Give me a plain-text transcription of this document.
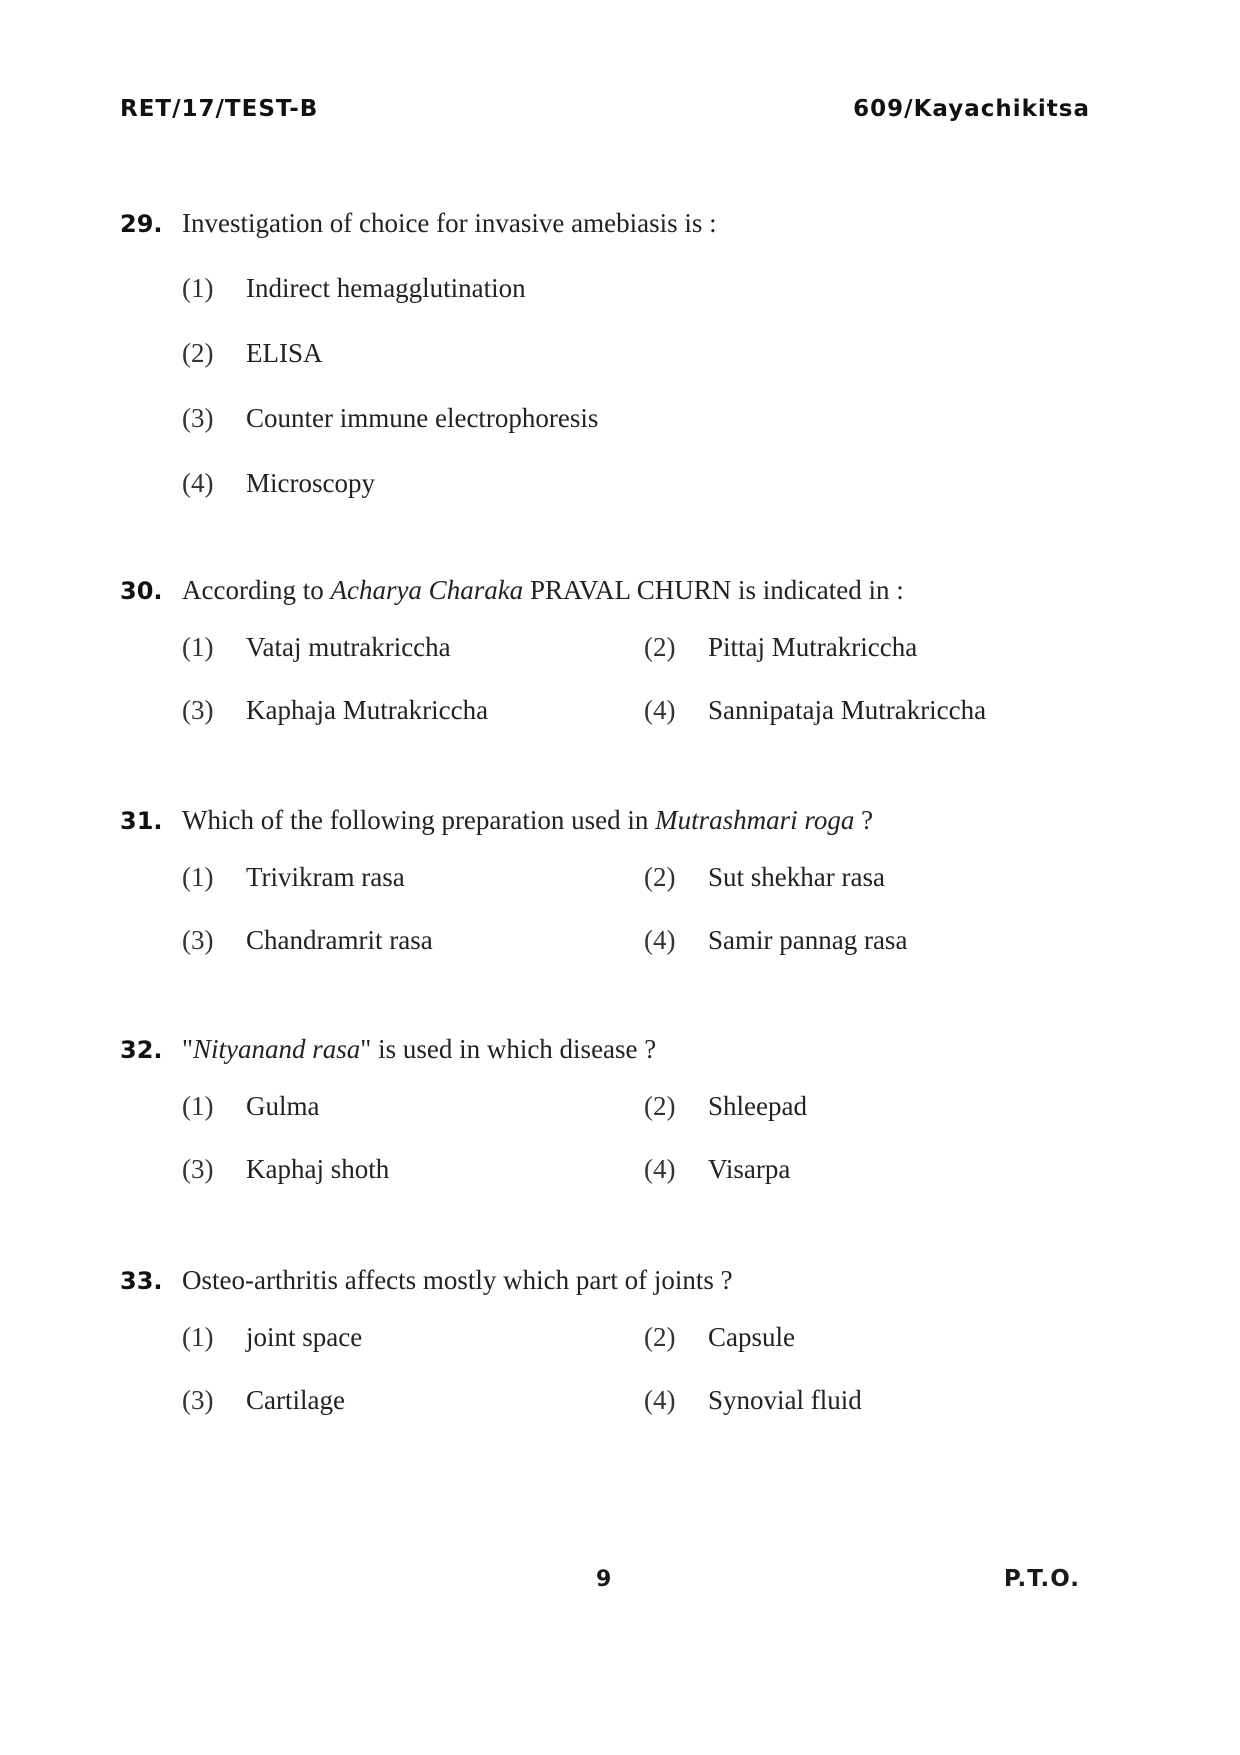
RET/17/TEST-B	609/Kayachikitsa
29. Investigation of choice for invasive amebiasis is :
(1)	Indirect hemagglutination
(2)	ELISA
(3)	Counter immune electrophoresis
(4)	Microscopy
30. According to Acharya Charaka PRAVAL CHURN is indicated in :
(1)	Vataj mutrakriccha	(2)	Pittaj Mutrakriccha
(3)	Kaphaja Mutrakriccha	(4)	Sannipataja Mutrakriccha
31. Which of the following preparation used in Mutrashmari roga ?
(1)	Trivikram rasa	(2)	Sut shekhar rasa
(3)	Chandramrit rasa	(4)	Samir pannag rasa
32. "Nityanand rasa" is used in which disease ?
(1)	Gulma	(2)	Shleepad
(3)	Kaphaj shoth	(4)	Visarpa
33. Osteo-arthritis affects mostly which part of joints ?
(1)	joint space	(2)	Capsule
(3)	Cartilage	(4)	Synovial fluid
9	P.T.O.
